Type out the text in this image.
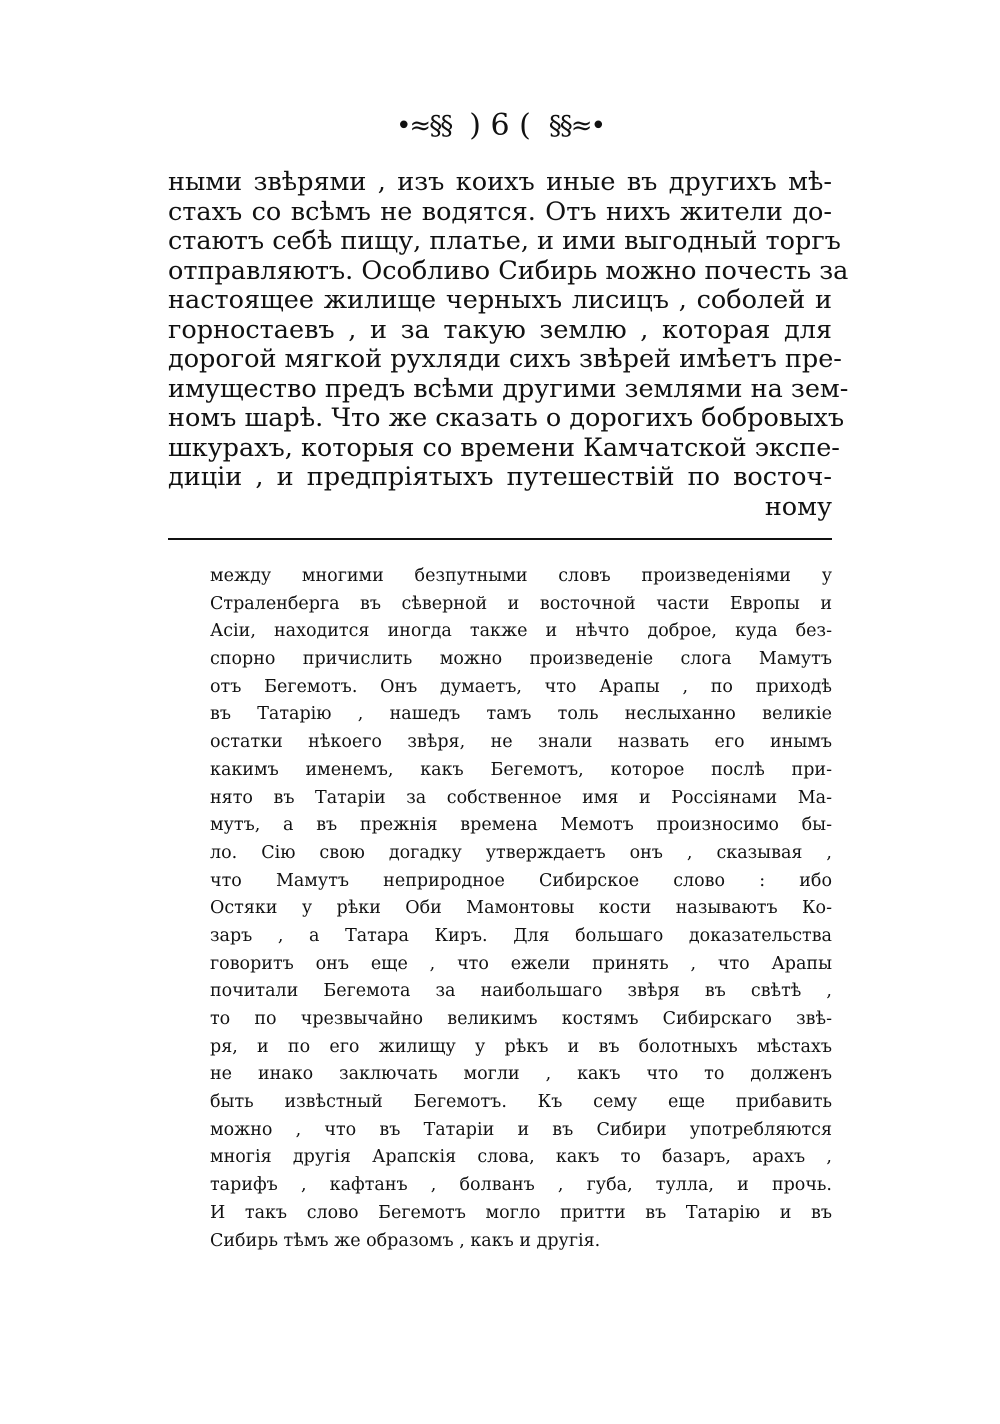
•≈§§ ) 6 ( §§≈•
ными звѣрями , изъ коихъ иные въ другихъ мѣ-
стахъ со всѣмъ не водятся. Отъ нихъ жители до-
стаютъ себѣ пищу, платье, и ими выгодный торгъ
отправляютъ. Особливо Сибирь можно почесть за
настоящее жилище черныхъ лисицъ , соболей и
горностаевъ , и за такую землю , которая для
дорогой мягкой рухляди сихъ звѣрей имѣетъ пре-
имущество предъ всѣми другими землями на зем-
номъ шарѣ. Что же сказать о дорогихъ бобровыхъ
шкурахъ, которыя со времени Камчатской экспе-
диціи , и предпріятыхъ путешествій по восточ-
ному
между многими безпутными словъ произведеніями у
Страленберга въ сѣверной и восточной части Европы и
Асіи, находится иногда также и нѣчто доброе, куда без-
спорно причислить можно произведеніе слога Мамутъ
отъ Бегемотъ. Онъ думаетъ, что Арапы , по приходѣ
въ Татарію , нашедъ тамъ толь неслыханно великіе
остатки нѣкоего звѣря, не знали назвать его инымъ
какимъ именемъ, какъ Бегемотъ, которое послѣ при-
нято въ Татаріи за собственное имя и Россіянами Ма-
мутъ, а въ прежнія времена Мемотъ произносимо бы-
ло. Сію свою догадку утверждаетъ онъ , сказывая ,
что Мамутъ неприродное Сибирское слово : ибо
Остяки у рѣки Оби Мамонтовы кости называютъ Ко-
заръ , а Татара Киръ. Для большаго доказательства
говоритъ онъ еще , что ежели принять , что Арапы
почитали Бегемота за наибольшаго звѣря въ свѣтѣ ,
то по чрезвычайно великимъ костямъ Сибирскаго звѣ-
ря, и по его жилищу у рѣкъ и въ болотныхъ мѣстахъ
не инако заключать могли , какъ что то долженъ
быть извѣстный Бегемотъ. Къ сему еще прибавить
можно , что въ Татаріи и въ Сибири употребляются
многія другія Арапскія слова, какъ то базаръ, арахъ ,
тарифъ , кафтанъ , болванъ , губа, тулла, и прочь.
И такъ слово Бегемотъ могло притти въ Татарію и въ
Сибирь тѣмъ же образомъ , какъ и другія.
